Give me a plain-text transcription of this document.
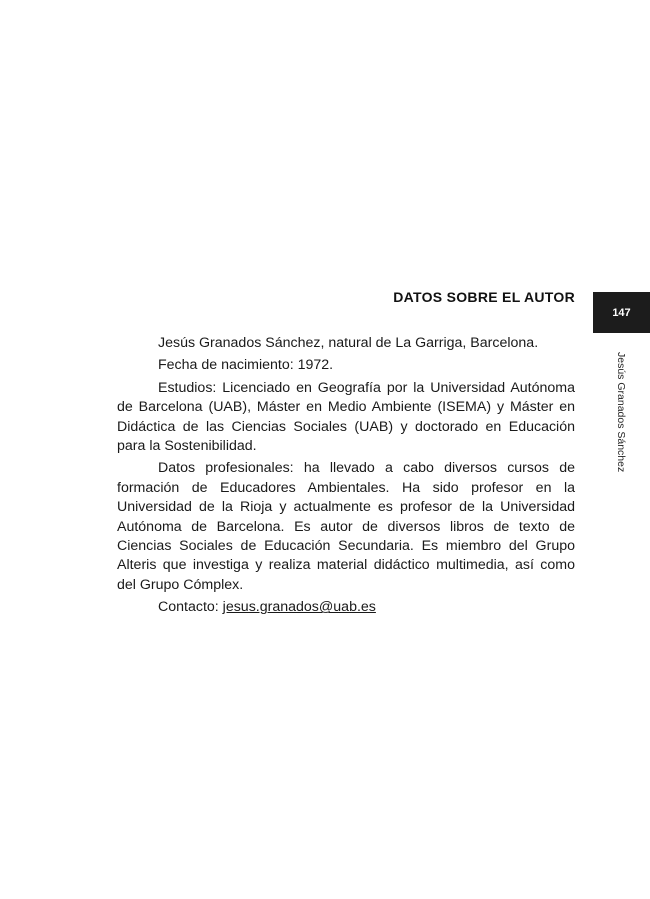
DATOS SOBRE EL AUTOR
147
Jesús Granados Sánchez

Jesús Granados Sánchez, natural de La Garriga, Barcelona.

Fecha de nacimiento: 1972.

Estudios: Licenciado en Geografía por la Universidad Autónoma de Barcelona (UAB), Máster en Medio Ambiente (ISEMA) y Máster en Didáctica de las Ciencias Sociales (UAB) y doctorado en Educación para la Sostenibilidad.

Datos profesionales: ha llevado a cabo diversos cursos de formación de Educadores Ambientales. Ha sido profesor en la Universidad de la Rioja y actualmente es profesor de la Universidad Autónoma de Barcelona. Es autor de diversos libros de texto de Ciencias Sociales de Educación Secundaria. Es miembro del Grupo Alteris que investiga y realiza material didáctico multimedia, así como del Grupo Cómplex.

Contacto: jesus.granados@uab.es
